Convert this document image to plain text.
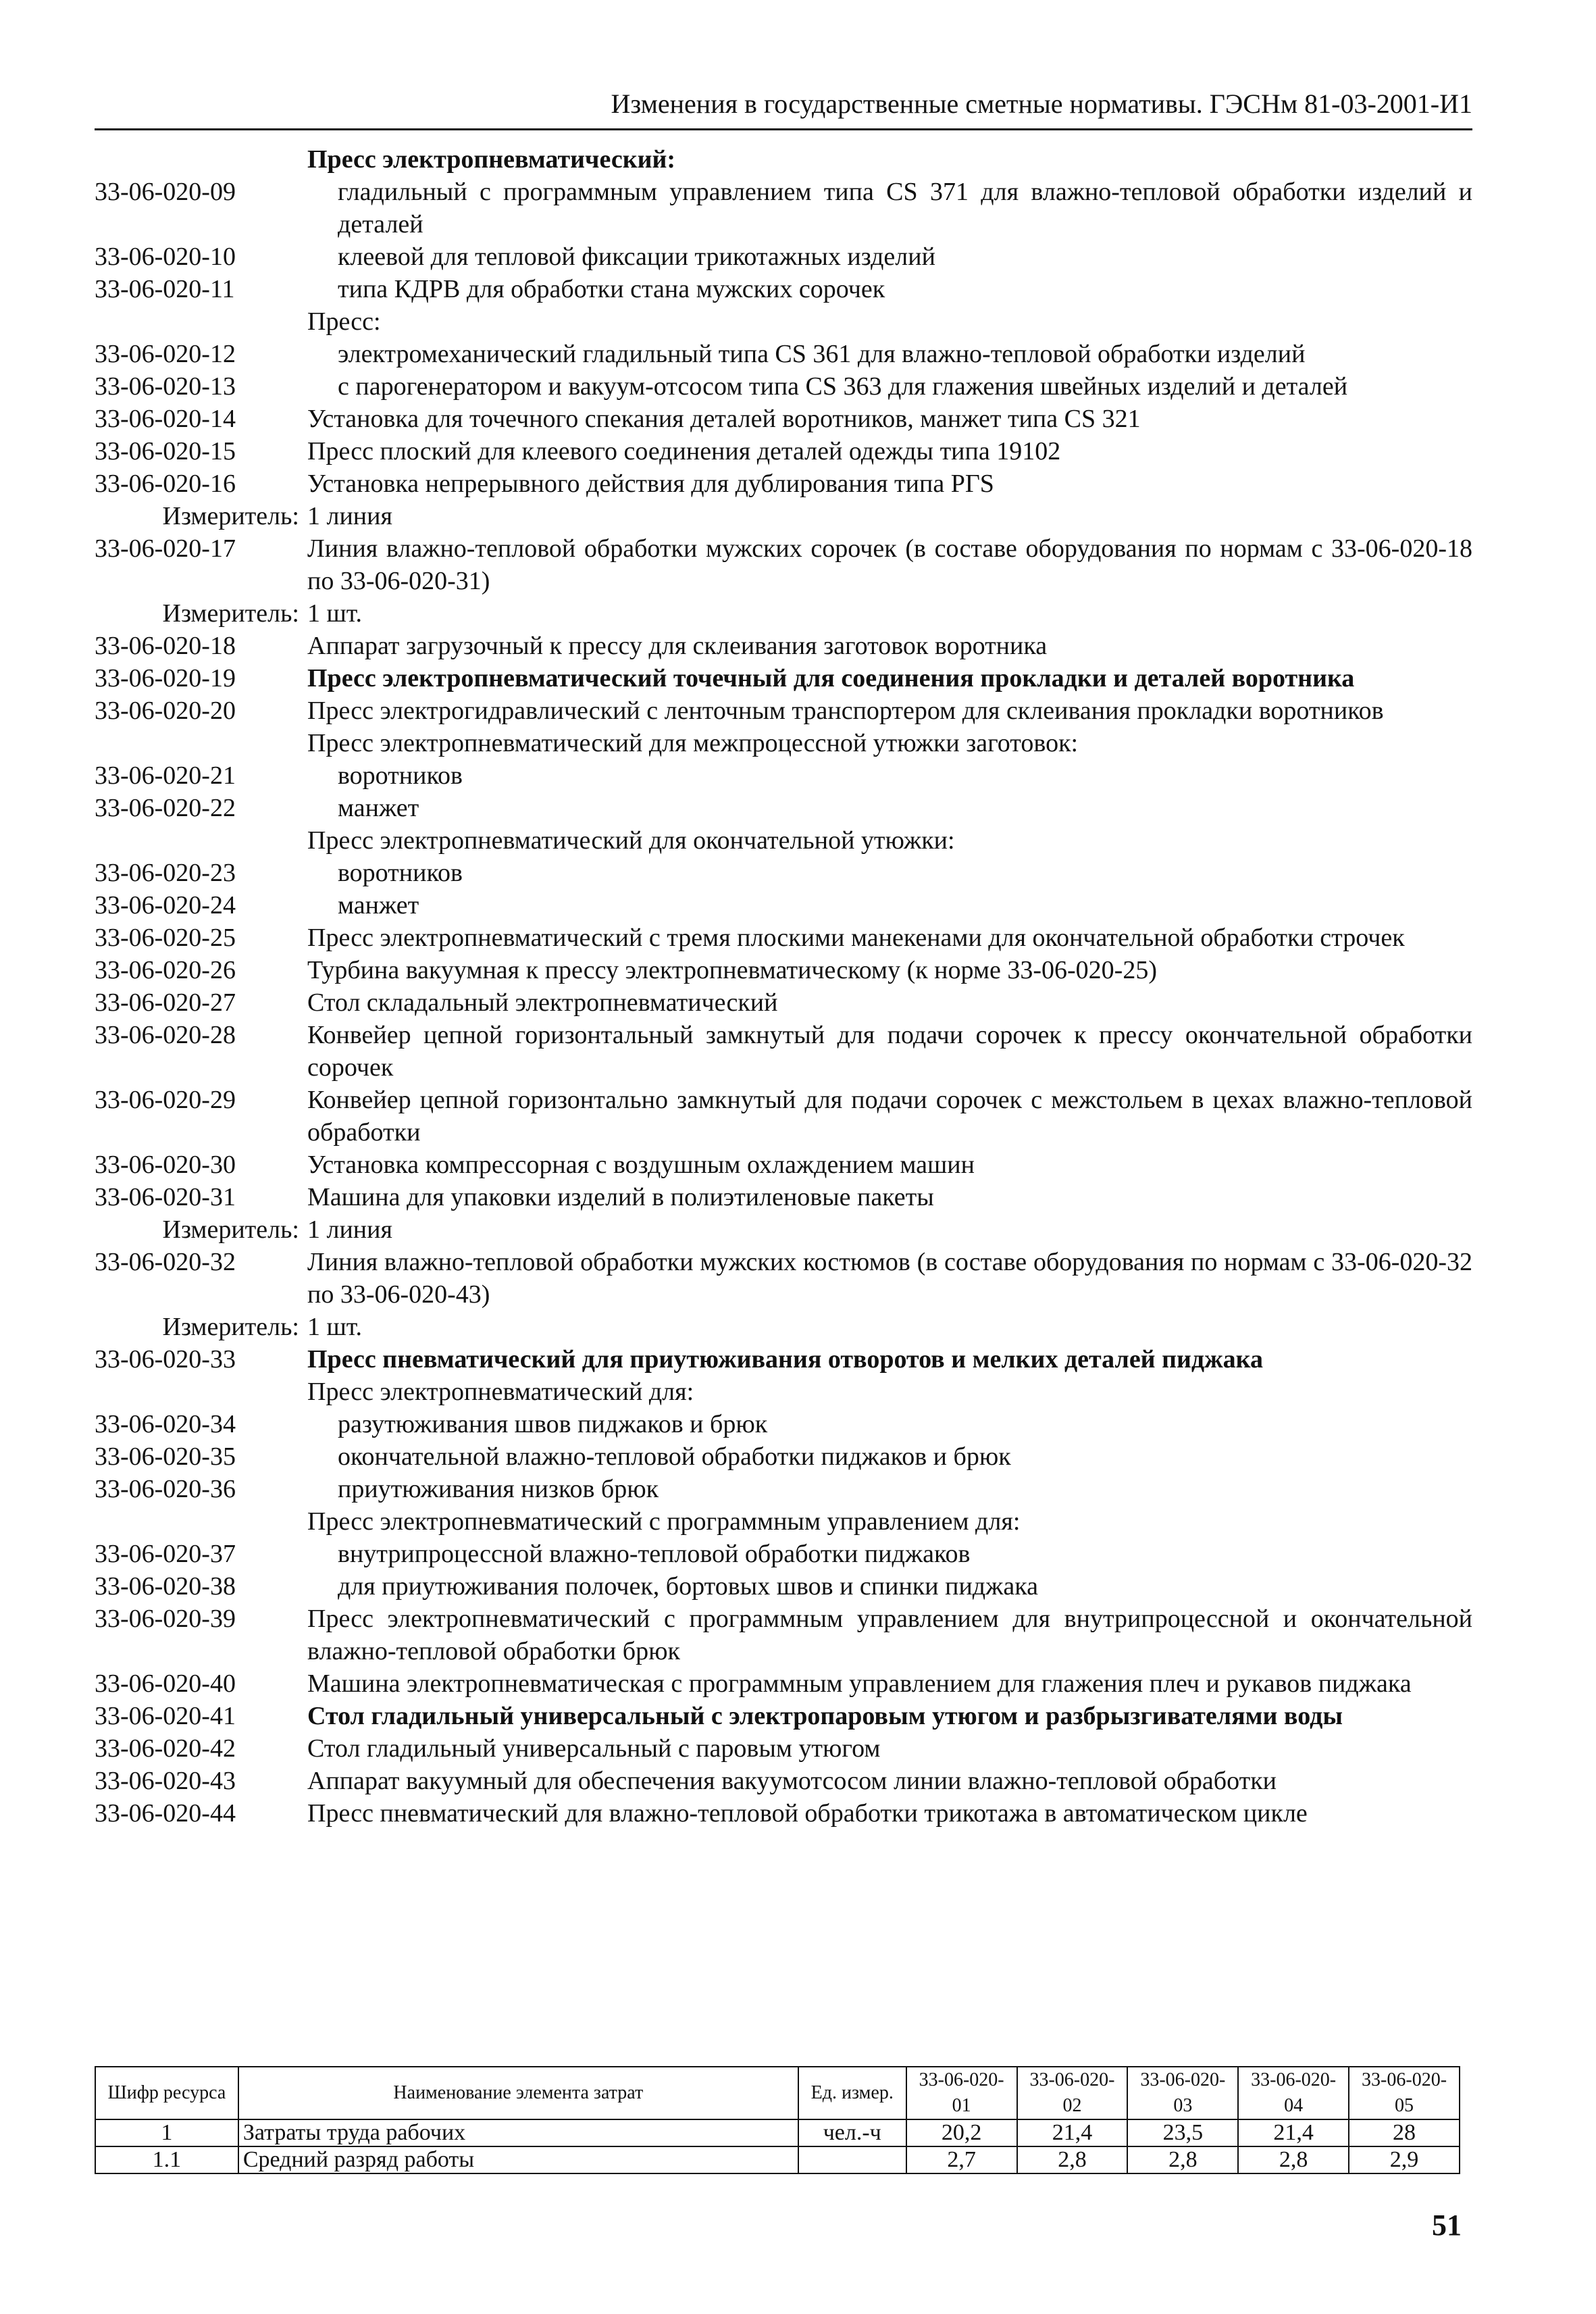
Изменения в государственные сметные нормативы. ГЭСНм 81-03-2001-И1
Пресс электропневматический:
33-06-020-09	гладильный с программным управлением типа CS 371 для влажно-тепловой обработки изделий и деталей
33-06-020-10	клеевой для тепловой фиксации трикотажных изделий
33-06-020-11	типа КДРВ для обработки стана мужских сорочек
Пресс:
33-06-020-12	электромеханический гладильный типа CS 361 для влажно-тепловой обработки изделий
33-06-020-13	с парогенератором и вакуум-отсосом типа CS 363 для глажения швейных изделий и деталей
33-06-020-14	Установка для точечного спекания деталей воротников, манжет типа CS 321
33-06-020-15	Пресс плоский для клеевого соединения деталей одежды типа 19102
33-06-020-16	Установка непрерывного действия для дублирования типа РГS
Измеритель: 1 линия
33-06-020-17	Линия влажно-тепловой обработки мужских сорочек (в составе оборудования по нормам с 33-06-020-18 по 33-06-020-31)
Измеритель: 1 шт.
33-06-020-18	Аппарат загрузочный к прессу для склеивания заготовок воротника
33-06-020-19	Пресс электропневматический точечный для соединения прокладки и деталей воротника
33-06-020-20	Пресс электрогидравлический с ленточным транспортером для склеивания прокладки воротников
Пресс электропневматический для межпроцессной утюжки заготовок:
33-06-020-21	воротников
33-06-020-22	манжет
Пресс электропневматический для окончательной утюжки:
33-06-020-23	воротников
33-06-020-24	манжет
33-06-020-25	Пресс электропневматический с тремя плоскими манекенами для окончательной обработки строчек
33-06-020-26	Турбина вакуумная к прессу электропневматическому (к норме 33-06-020-25)
33-06-020-27	Стол складальный электропневматический
33-06-020-28	Конвейер цепной горизонтальный замкнутый для подачи сорочек к прессу окончательной обработки сорочек
33-06-020-29	Конвейер цепной горизонтально замкнутый для подачи сорочек с межстольем в цехах влажно-тепловой обработки
33-06-020-30	Установка компрессорная с воздушным охлаждением машин
33-06-020-31	Машина для упаковки изделий в полиэтиленовые пакеты
Измеритель: 1 линия
33-06-020-32	Линия влажно-тепловой обработки мужских костюмов (в составе оборудования по нормам с 33-06-020-32 по 33-06-020-43)
Измеритель: 1 шт.
33-06-020-33	Пресс пневматический для приутюживания отворотов и мелких деталей пиджака
Пресс электропневматический для:
33-06-020-34	разутюживания швов пиджаков и брюк
33-06-020-35	окончательной влажно-тепловой обработки пиджаков и брюк
33-06-020-36	приутюживания низков брюк
Пресс электропневматический с программным управлением для:
33-06-020-37	внутрипроцессной влажно-тепловой обработки пиджаков
33-06-020-38	для приутюживания полочек, бортовых швов и спинки пиджака
33-06-020-39	Пресс электропневматический с программным управлением для внутрипроцессной и окончательной влажно-тепловой обработки брюк
33-06-020-40	Машина электропневматическая с программным управлением для глажения плеч и рукавов пиджака
33-06-020-41	Стол гладильный универсальный с электропаровым утюгом и разбрызгивателями воды
33-06-020-42	Стол гладильный универсальный с паровым утюгом
33-06-020-43	Аппарат вакуумный для обеспечения вакуумотсосом линии влажно-тепловой обработки
33-06-020-44	Пресс пневматический для влажно-тепловой обработки трикотажа в автоматическом цикле
Шифр ресурса	Наименование элемента затрат	Ед. измер.	33-06-020-01	33-06-020-02	33-06-020-03	33-06-020-04	33-06-020-05
1	Затраты труда рабочих	чел.-ч	20,2	21,4	23,5	21,4	28
1.1	Средний разряд работы		2,7	2,8	2,8	2,8	2,9
51
